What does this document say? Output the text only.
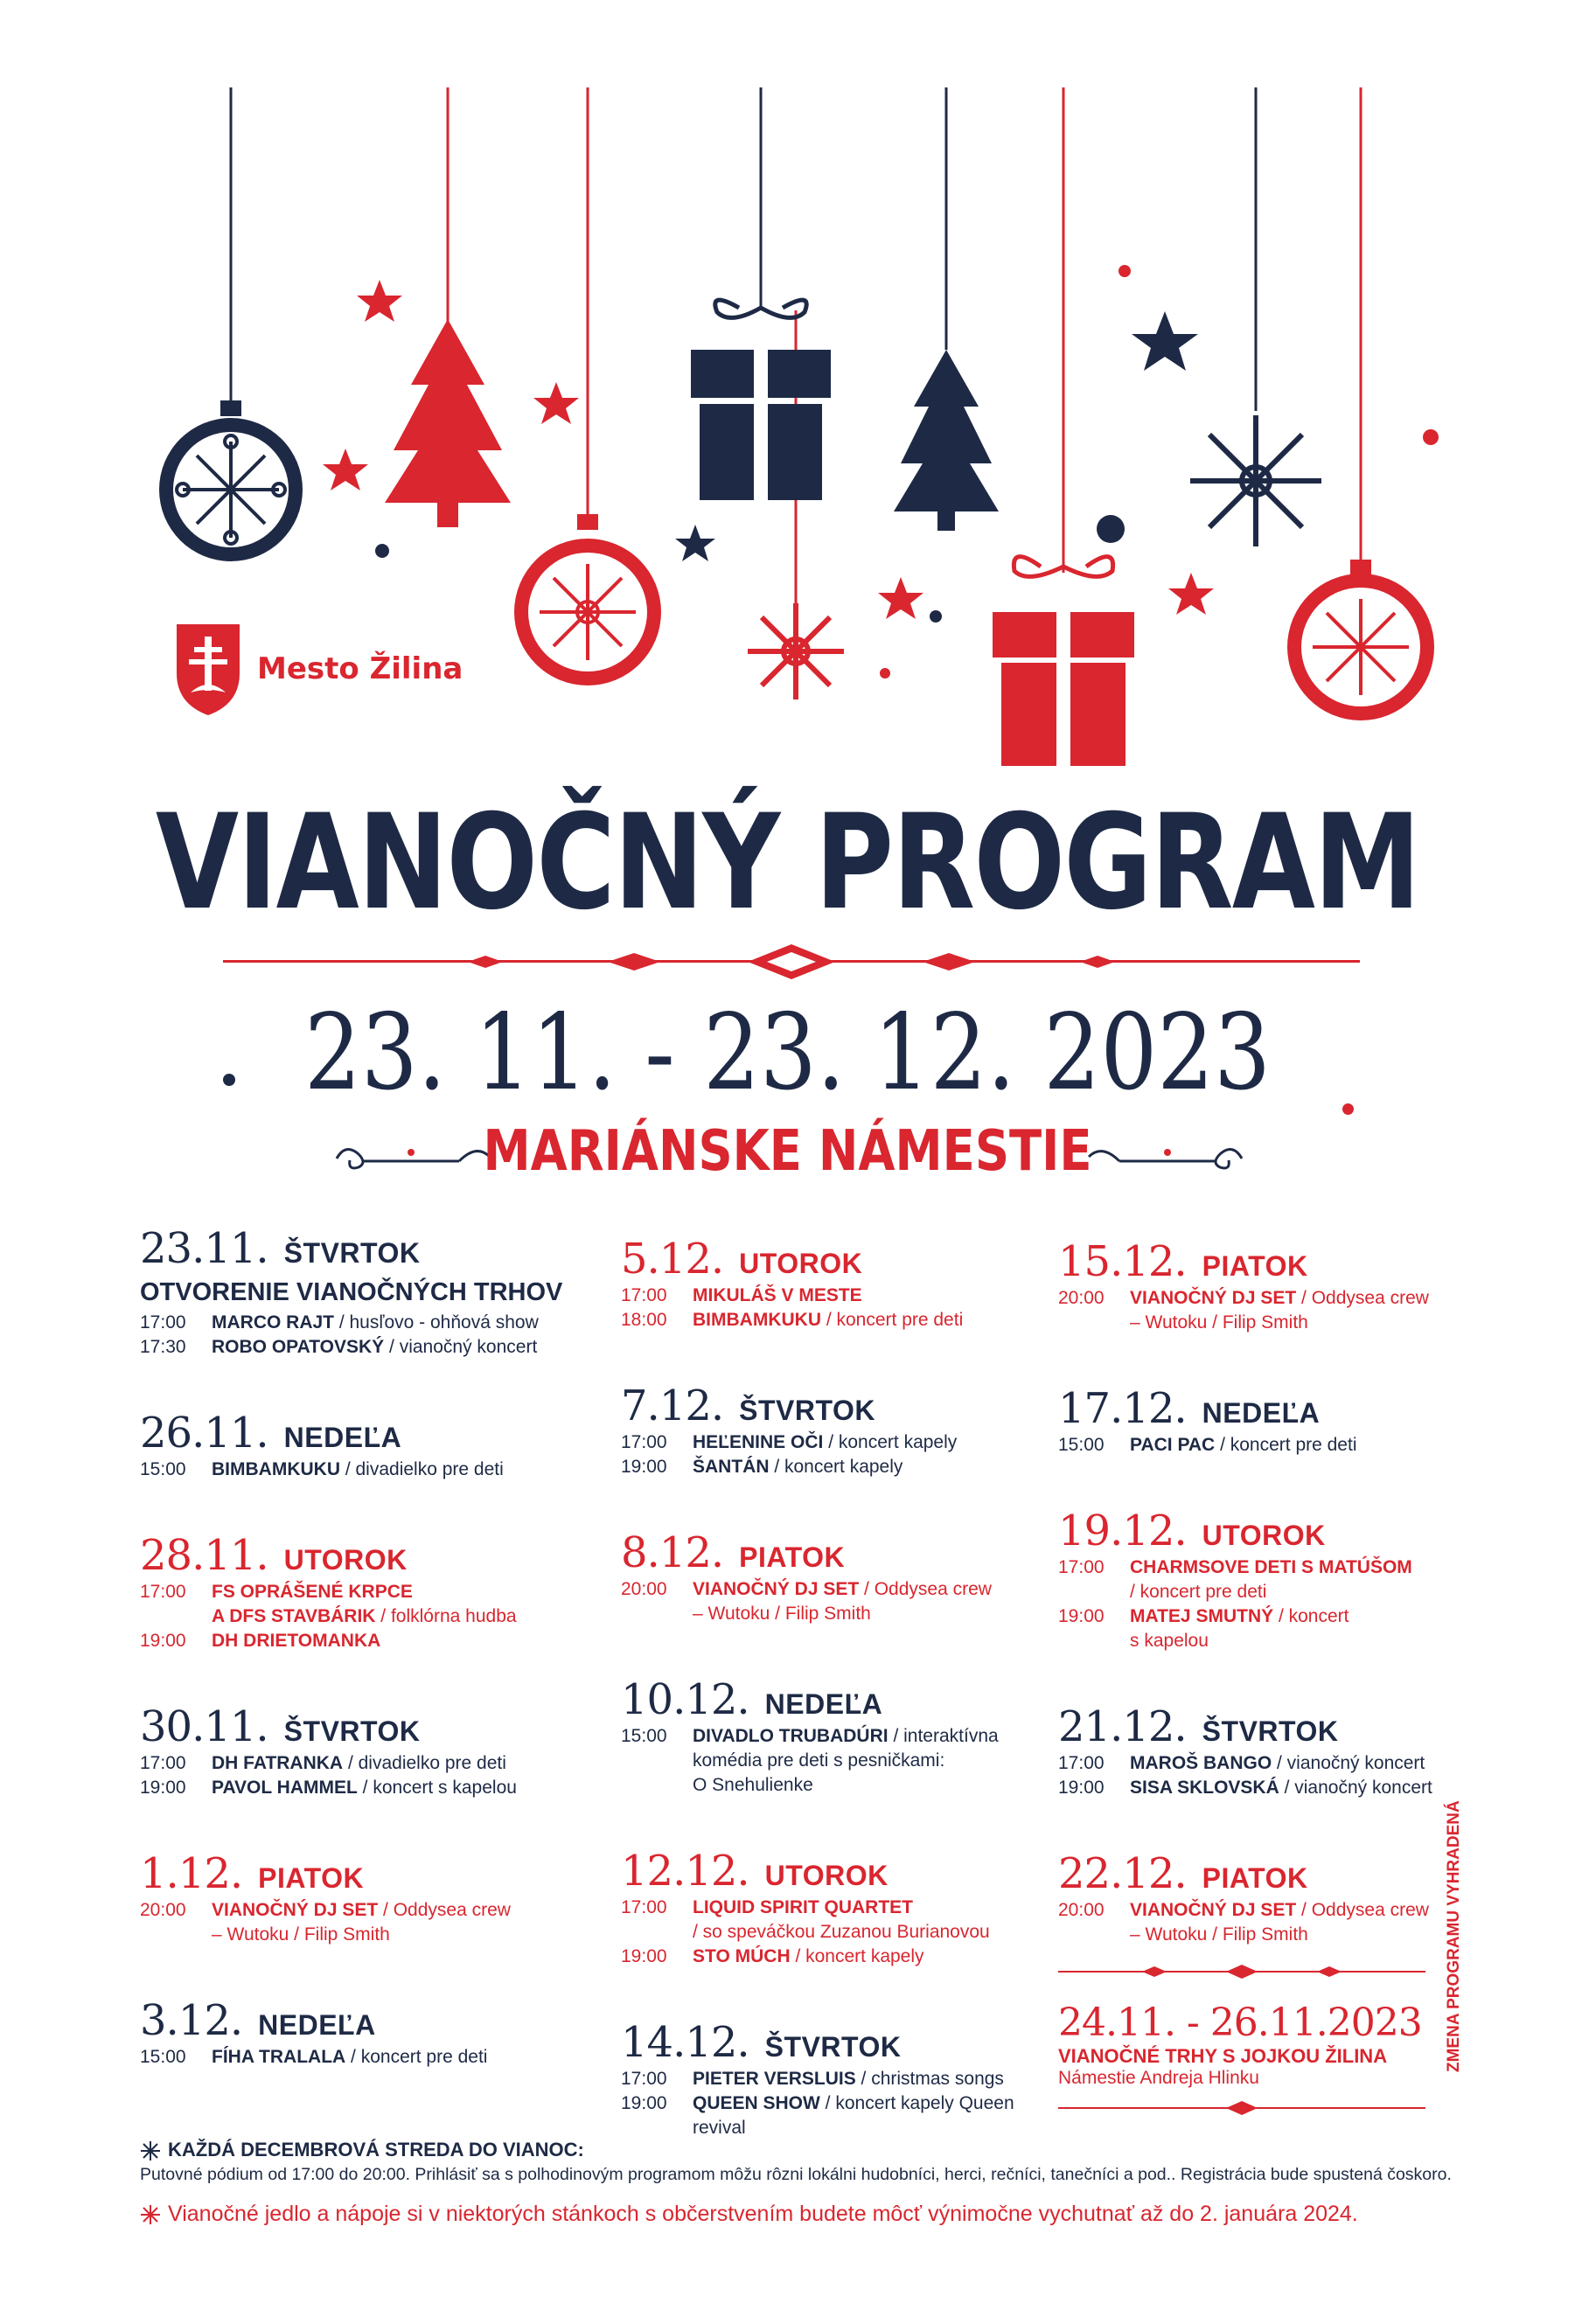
Mesto Žilina
VIANOČNÝ PROGRAM
23. 11. - 23. 12. 2023
MARIÁNSKE NÁMESTIE
23.11. ŠTVRTOK
OTVORENIE VIANOČNÝCH TRHOV
17:00	MARCO RAJT / husľovo - ohňová show
17:30	ROBO OPATOVSKÝ / vianočný koncert
26.11. NEDEĽA
15:00	BIMBAMKUKU / divadielko pre deti
28.11. UTOROK
17:00	FS OPRÁŠENÉ KRPCE
A DFS STAVBÁRIK / folklórna hudba
19:00	DH DRIETOMANKA
30.11. ŠTVRTOK
17:00	DH FATRANKA / divadielko pre deti
19:00	PAVOL HAMMEL / koncert s kapelou
1.12. PIATOK
20:00	VIANOČNÝ DJ SET / Oddysea crew
– Wutoku / Filip Smith
3.12. NEDEĽA
15:00	FÍHA TRALALA / koncert pre deti
5.12. UTOROK
17:00	MIKULÁŠ V MESTE
18:00	BIMBAMKUKU / koncert pre deti
7.12. ŠTVRTOK
17:00	HEĽENINE OČI / koncert kapely
19:00	ŠANTÁN / koncert kapely
8.12. PIATOK
20:00	VIANOČNÝ DJ SET / Oddysea crew
– Wutoku / Filip Smith
10.12. NEDEĽA
15:00	DIVADLO TRUBADÚRI / interaktívna
komédia pre deti s pesničkami:
O Snehulienke
12.12. UTOROK
17:00	LIQUID SPIRIT QUARTET
/ so speváčkou Zuzanou Burianovou
19:00	STO MÚCH / koncert kapely
14.12. ŠTVRTOK
17:00	PIETER VERSLUIS / christmas songs
19:00	QUEEN SHOW / koncert kapely Queen
revival
15.12. PIATOK
20:00	VIANOČNÝ DJ SET / Oddysea crew
– Wutoku / Filip Smith
17.12. NEDEĽA
15:00	PACI PAC / koncert pre deti
19.12. UTOROK
17:00	CHARMSOVE DETI S MATÚŠOM
/ koncert pre deti
19:00	MATEJ SMUTNÝ / koncert
s kapelou
21.12. ŠTVRTOK
17:00	MAROŠ BANGO / vianočný koncert
19:00	SISA SKLOVSKÁ / vianočný koncert
22.12. PIATOK
20:00	VIANOČNÝ DJ SET / Oddysea crew
– Wutoku / Filip Smith
24.11. - 26.11.2023
VIANOČNÉ TRHY S JOJKOU ŽILINA
Námestie Andreja Hlinku
ZMENA PROGRAMU VYHRADENÁ
KAŽDÁ DECEMBROVÁ STREDA DO VIANOC:
Putovné pódium od 17:00 do 20:00. Prihlásiť sa s polhodinovým programom môžu rôzni lokálni hudobníci, herci, rečníci, tanečníci a pod.. Registrácia bude spustená čoskoro.
Vianočné jedlo a nápoje si v niektorých stánkoch s občerstvením budete môcť výnimočne vychutnať až do 2. januára 2024.
